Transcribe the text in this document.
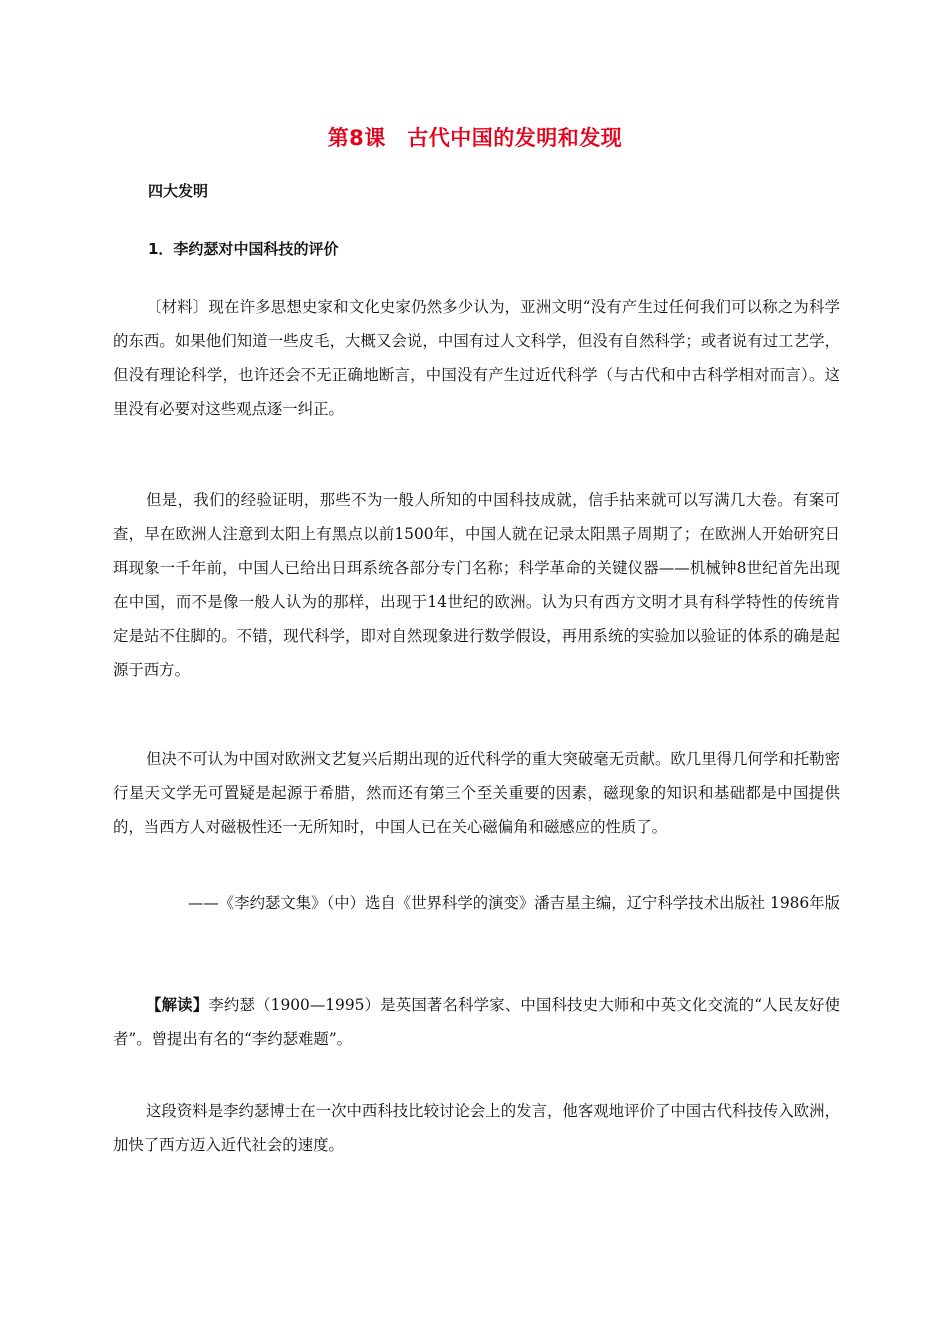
第8课　古代中国的发明和发现
四大发明
1．李约瑟对中国科技的评价

〔材料〕现在许多思想史家和文化史家仍然多少认为，亚洲文明“没有产生过任何我们可以称之为科学的东西。如果他们知道一些皮毛，大概又会说，中国有过人文科学，但没有自然科学；或者说有过工艺学，但没有理论科学，也许还会不无正确地断言，中国没有产生过近代科学（与古代和中古科学相对而言）。这里没有必要对这些观点逐一纠正。

但是，我们的经验证明，那些不为一般人所知的中国科技成就，信手拈来就可以写满几大卷。有案可查，早在欧洲人注意到太阳上有黑点以前1500年，中国人就在记录太阳黑子周期了；在欧洲人开始研究日珥现象一千年前，中国人已给出日珥系统各部分专门名称；科学革命的关键仪器——机械钟8世纪首先出现在中国，而不是像一般人认为的那样，出现于14世纪的欧洲。认为只有西方文明才具有科学特性的传统肯定是站不住脚的。不错，现代科学，即对自然现象进行数学假设，再用系统的实验加以验证的体系的确是起源于西方。

但决不可认为中国对欧洲文艺复兴后期出现的近代科学的重大突破毫无贡献。欧几里得几何学和托勒密行星天文学无可置疑是起源于希腊，然而还有第三个至关重要的因素，磁现象的知识和基础都是中国提供的，当西方人对磁极性还一无所知时，中国人已在关心磁偏角和磁感应的性质了。

——《李约瑟文集》（中）选自《世界科学的演变》潘吉星主编，辽宁科学技术出版社 1986年版

【解读】李约瑟（1900—1995）是英国著名科学家、中国科技史大师和中英文化交流的“人民友好使者”。曾提出有名的“李约瑟难题”。

这段资料是李约瑟博士在一次中西科技比较讨论会上的发言，他客观地评价了中国古代科技传入欧洲，加快了西方迈入近代社会的速度。
